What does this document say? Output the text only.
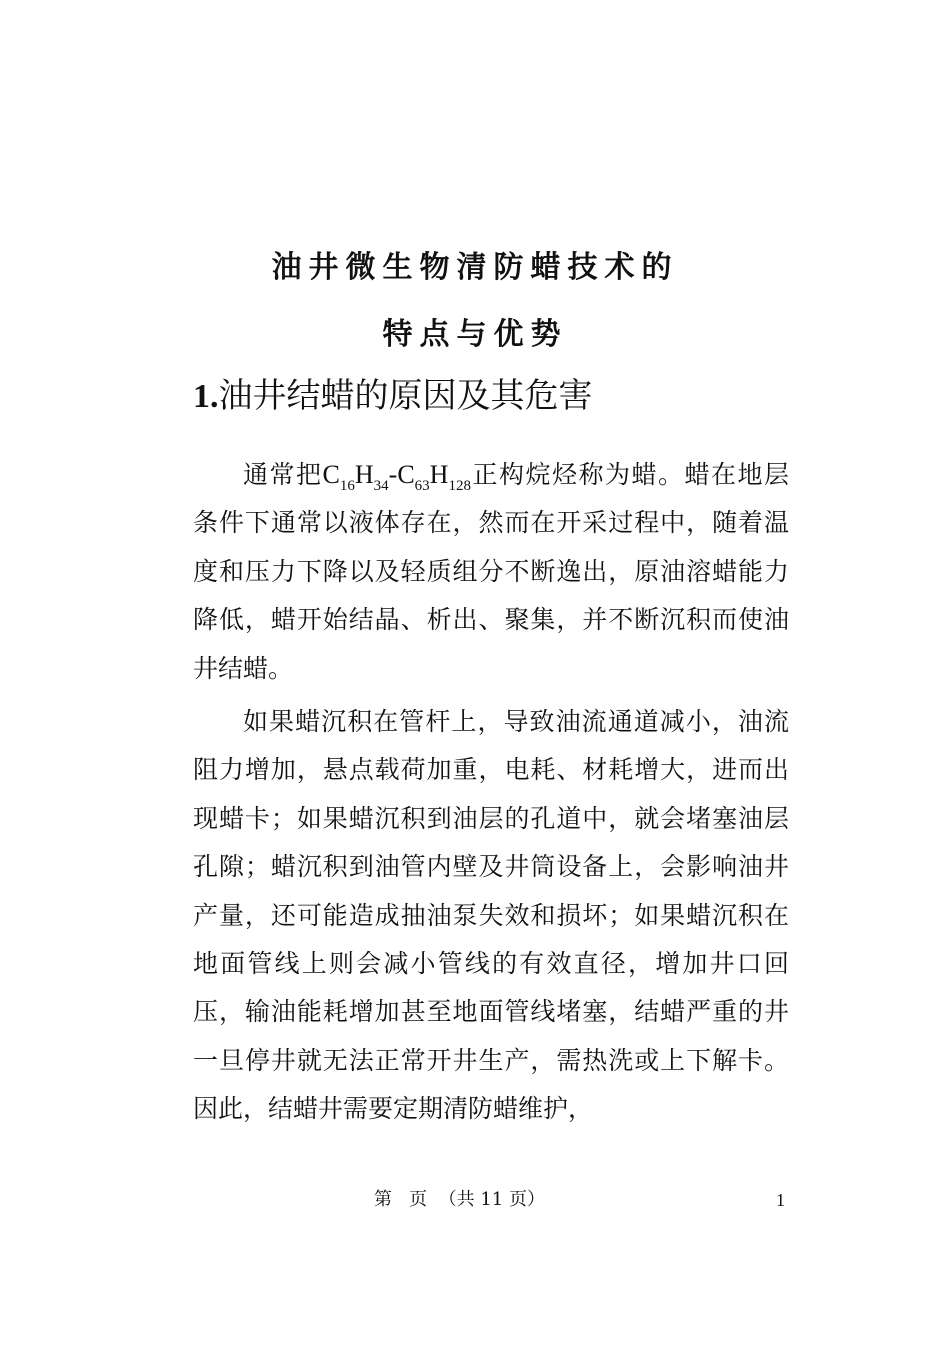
油井微生物清防蜡技术的
特点与优势
1.油井结蜡的原因及其危害

通常把$C_{16}H_{34}-C_{63}H_{128}$正构烷烃称为蜡。蜡在地层条件下通常以液体存在，然而在开采过程中，随着温度和压力下降以及轻质组分不断逸出，原油溶蜡能力降低，蜡开始结晶、析出、聚集，并不断沉积而使油井结蜡。

如果蜡沉积在管杆上，导致油流通道减小，油流阻力增加，悬点载荷加重，电耗、材耗增大，进而出现蜡卡；如果蜡沉积到油层的孔道中，就会堵塞油层孔隙；蜡沉积到油管内壁及井筒设备上，会影响油井产量，还可能造成抽油泵失效和损坏；如果蜡沉积在地面管线上则会减小管线的有效直径，增加井口回压，输油能耗增加甚至地面管线堵塞，结蜡严重的井一旦停井就无法正常开井生产，需热洗或上下解卡。因此，结蜡井需要定期清防蜡维护，

第   页  （共 11 页）	1
